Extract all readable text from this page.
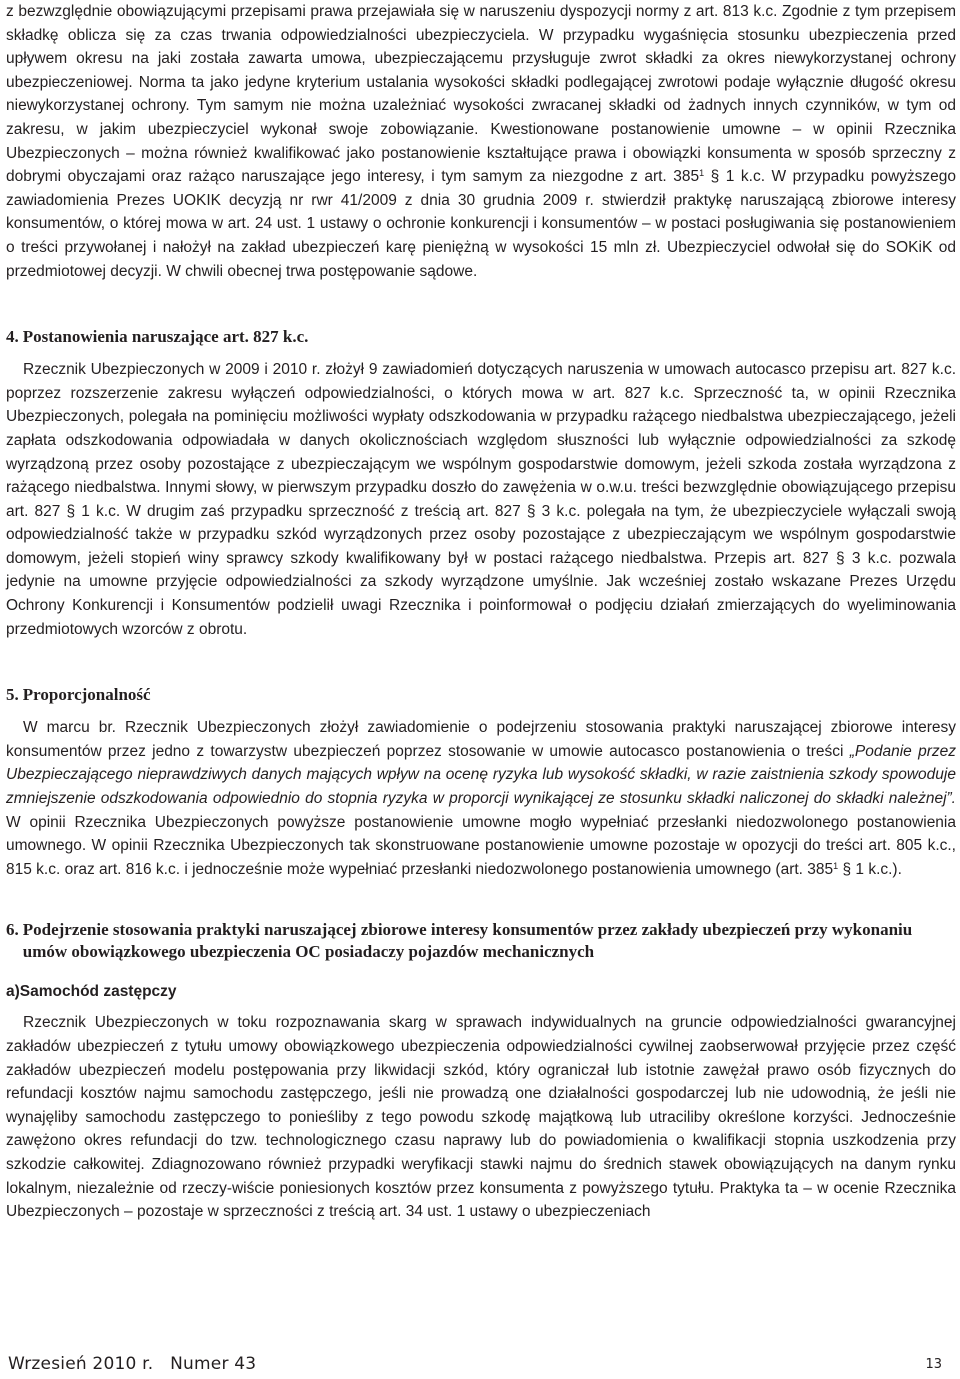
z bezwzględnie obowiązującymi przepisami prawa przejawiała się w naruszeniu dyspozycji normy z art. 813 k.c. Zgodnie z tym przepisem składkę oblicza się za czas trwania odpowiedzialności ubezpieczyciela. W przypadku wygaśnięcia stosunku ubezpieczenia przed upływem okresu na jaki została zawarta umowa, ubezpieczającemu przysługuje zwrot składki za okres niewykorzystanej ochrony ubezpieczeniowej. Norma ta jako jedyne kryterium ustalania wysokości składki podlegającej zwrotowi podaje wyłącznie długość okresu niewykorzystanej ochrony. Tym samym nie można uzależniać wysokości zwracanej składki od żadnych innych czynników, w tym od zakresu, w jakim ubezpieczyciel wykonał swoje zobowiązanie. Kwestionowane postanowienie umowne – w opinii Rzecznika Ubezpieczonych – można również kwalifikować jako postanowienie kształtujące prawa i obowiązki konsumenta w sposób sprzeczny z dobrymi obyczajami oraz rażąco naruszające jego interesy, i tym samym za niezgodne z art. $385^1$ § 1 k.c. W przypadku powyższego zawiadomienia Prezes UOKIK decyzją nr rwr 41/2009 z dnia 30 grudnia 2009 r. stwierdził praktykę naruszającą zbiorowe interesy konsumentów, o której mowa w art. 24 ust. 1 ustawy o ochronie konkurencji i konsumentów – w postaci posługiwania się postanowieniem o treści przywołanej i nałożył na zakład ubezpieczeń karę pieniężną w wysokości 15 mln zł. Ubezpieczyciel odwołał się do SOKiK od przedmiotowej decyzji. W chwili obecnej trwa postępowanie sądowe.

4. Postanowienia naruszające art. 827 k.c.

Rzecznik Ubezpieczonych w 2009 i 2010 r. złożył 9 zawiadomień dotyczących naruszenia w umowach autocasco przepisu art. 827 k.c. poprzez rozszerzenie zakresu wyłączeń odpowiedzialności, o których mowa w art. 827 k.c. Sprzeczność ta, w opinii Rzecznika Ubezpieczonych, polegała na pominięciu możliwości wypłaty odszkodowania w przypadku rażącego niedbalstwa ubezpieczającego, jeżeli zapłata odszkodowania odpowiadała w danych okolicznościach względom słuszności lub wyłącznie odpowiedzialności za szkodę wyrządzoną przez osoby pozostające z ubezpieczającym we wspólnym gospodarstwie domowym, jeżeli szkoda została wyrządzona z rażącego niedbalstwa. Innymi słowy, w pierwszym przypadku doszło do zawężenia w o.w.u. treści bezwzględnie obowiązującego przepisu art. 827 § 1 k.c. W drugim zaś przypadku sprzeczność z treścią art. 827 § 3 k.c. polegała na tym, że ubezpieczyciele wyłączali swoją odpowiedzialność także w przypadku szkód wyrządzonych przez osoby pozostające z ubezpieczającym we wspólnym gospodarstwie domowym, jeżeli stopień winy sprawcy szkody kwalifikowany był w postaci rażącego niedbalstwa. Przepis art. 827 § 3 k.c. pozwala jedynie na umowne przyjęcie odpowiedzialności za szkody wyrządzone umyślnie. Jak wcześniej zostało wskazane Prezes Urzędu Ochrony Konkurencji i Konsumentów podzielił uwagi Rzecznika i poinformował o podjęciu działań zmierzających do wyeliminowania przedmiotowych wzorców z obrotu.

5. Proporcjonalność

W marcu br. Rzecznik Ubezpieczonych złożył zawiadomienie o podejrzeniu stosowania praktyki naruszającej zbiorowe interesy konsumentów przez jedno z towarzystw ubezpieczeń poprzez stosowanie w umowie autocasco postanowienia o treści „Podanie przez Ubezpieczającego nieprawdziwych danych mających wpływ na ocenę ryzyka lub wysokość składki, w razie zaistnienia szkody spowoduje zmniejszenie odszkodowania odpowiednio do stopnia ryzyka w proporcji wynikającej ze stosunku składki naliczonej do składki należnej”. W opinii Rzecznika Ubezpieczonych powyższe postanowienie umowne mogło wypełniać przesłanki niedozwolonego postanowienia umownego. W opinii Rzecznika Ubezpieczonych tak skonstruowane postanowienie umowne pozostaje w opozycji do treści art. 805 k.c., 815 k.c. oraz art. 816 k.c. i jednocześnie może wypełniać przesłanki niedozwolonego postanowienia umownego (art. $385^1$ § 1 k.c.).

6. Podejrzenie stosowania praktyki naruszającej zbiorowe interesy konsumentów przez zakłady ubezpieczeń przy wykonaniu umów obowiązkowego ubezpieczenia OC posiadaczy pojazdów mechanicznych
a)Samochód zastępczy

Rzecznik Ubezpieczonych w toku rozpoznawania skarg w sprawach indywidualnych na gruncie odpowiedzialności gwarancyjnej zakładów ubezpieczeń z tytułu umowy obowiązkowego ubezpieczenia odpowiedzialności cywilnej zaobserwował przyjęcie przez część zakładów ubezpieczeń modelu postępowania przy likwidacji szkód, który ograniczał lub istotnie zawężał prawo osób fizycznych do refundacji kosztów najmu samochodu zastępczego, jeśli nie prowadzą one działalności gospodarczej lub nie udowodnią, że jeśli nie wynajęliby samochodu zastępczego to ponieśliby z tego powodu szkodę majątkową lub utraciliby określone korzyści. Jednocześnie zawężono okres refundacji do tzw. technologicznego czasu naprawy lub do powiadomienia o kwalifikacji stopnia uszkodzenia przy szkodzie całkowitej. Zdiagnozowano również przypadki weryfikacji stawki najmu do średnich stawek obowiązujących na danym rynku lokalnym, niezależnie od rzeczy-wiście poniesionych kosztów przez konsumenta z powyższego tytułu. Praktyka ta – w ocenie Rzecznika Ubezpieczonych – pozostaje w sprzeczności z treścią art. 34 ust. 1 ustawy o ubezpieczeniach

Wrzesień 2010 r.   Numer 43	13
